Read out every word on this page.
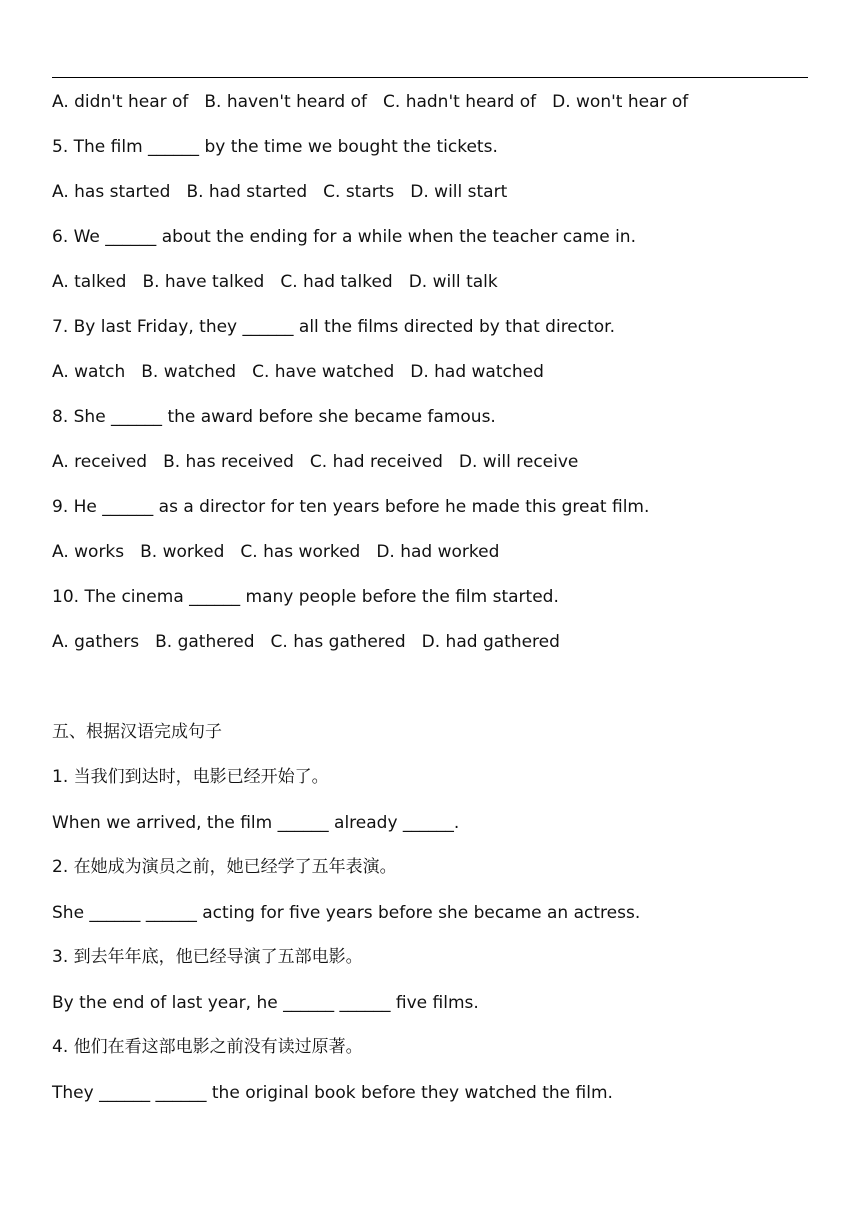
A. didn't hear of B. haven't heard of C. hadn't heard of D. won't hear of
5. The film ______ by the time we bought the tickets.
A. has started B. had started C. starts D. will start
6. We ______ about the ending for a while when the teacher came in.
A. talked B. have talked C. had talked D. will talk
7. By last Friday, they ______ all the films directed by that director.
A. watch B. watched C. have watched D. had watched
8. She ______ the award before she became famous.
A. received B. has received C. had received D. will receive
9. He ______ as a director for ten years before he made this great film.
A. works B. worked C. has worked D. had worked
10. The cinema ______ many people before the film started.
A. gathers B. gathered C. has gathered D. had gathered
五、根据汉语完成句子
1. 当我们到达时，电影已经开始了。
When we arrived, the film ______ already ______.
2. 在她成为演员之前，她已经学了五年表演。
She ______ ______ acting for five years before she became an actress.
3. 到去年年底，他已经导演了五部电影。
By the end of last year, he ______ ______ five films.
4. 他们在看这部电影之前没有读过原著。
They ______ ______ the original book before they watched the film.
